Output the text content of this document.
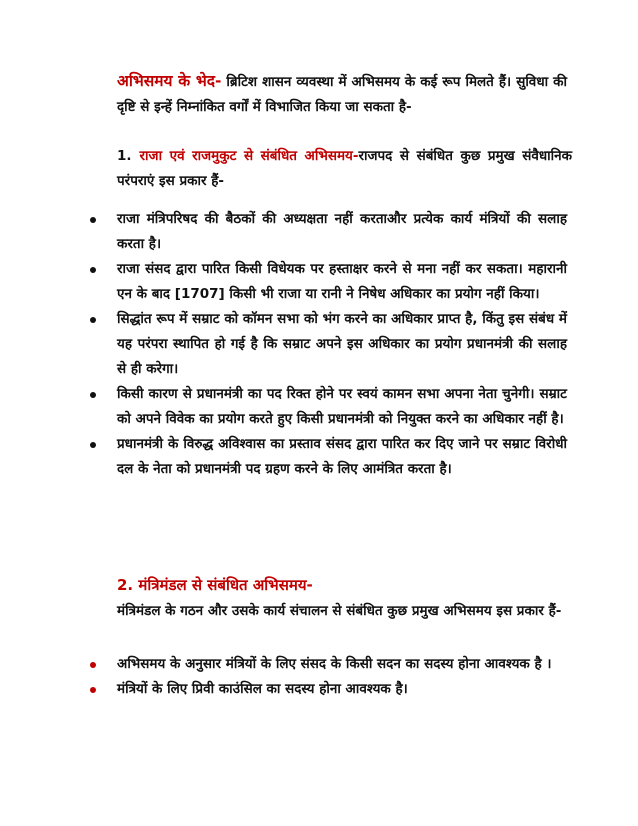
अभिसमय के भेद- ब्रिटिश शासन व्यवस्था में अभिसमय के कई रूप मिलते हैं। सुविधा की दृष्टि से इन्हें निम्नांकित वर्गों में विभाजित किया जा सकता है-

1. राजा एवं राजमुकुट से संबंधित अभिसमय-राजपद से संबंधित कुछ प्रमुख संवैधानिक परंपराएं इस प्रकार हैं-

राजा मंत्रिपरिषद की बैठकों की अध्यक्षता नहीं करताऔर प्रत्येक कार्य मंत्रियों की सलाह करता है।
राजा संसद द्वारा पारित किसी विधेयक पर हस्ताक्षर करने से मना नहीं कर सकता। महारानी एन के बाद [1707] किसी भी राजा या रानी ने निषेध अधिकार का प्रयोग नहीं किया।
सिद्धांत रूप में सम्राट को कॉमन सभा को भंग करने का अधिकार प्राप्त है, किंतु इस संबंध में यह परंपरा स्थापित हो गई है कि सम्राट अपने इस अधिकार का प्रयोग प्रधानमंत्री की सलाह से ही करेगा।
किसी कारण से प्रधानमंत्री का पद रिक्त होने पर स्वयं कामन सभा अपना नेता चुनेगी। सम्राट को अपने विवेक का प्रयोग करते हुए किसी प्रधानमंत्री को नियुक्त करने का अधिकार नहीं है।
प्रधानमंत्री के विरुद्ध अविश्वास का प्रस्ताव संसद द्वारा पारित कर दिए जाने पर सम्राट विरोधी दल के नेता को प्रधानमंत्री पद ग्रहण करने के लिए आमंत्रित करता है।

2. मंत्रिमंडल से संबंधित अभिसमय-
मंत्रिमंडल के गठन और उसके कार्य संचालन से संबंधित कुछ प्रमुख अभिसमय इस प्रकार हैं-

अभिसमय के अनुसार मंत्रियों के लिए संसद के किसी सदन का सदस्य होना आवश्यक है ।
मंत्रियों के लिए प्रिवी काउंसिल का सदस्य होना आवश्यक है।
